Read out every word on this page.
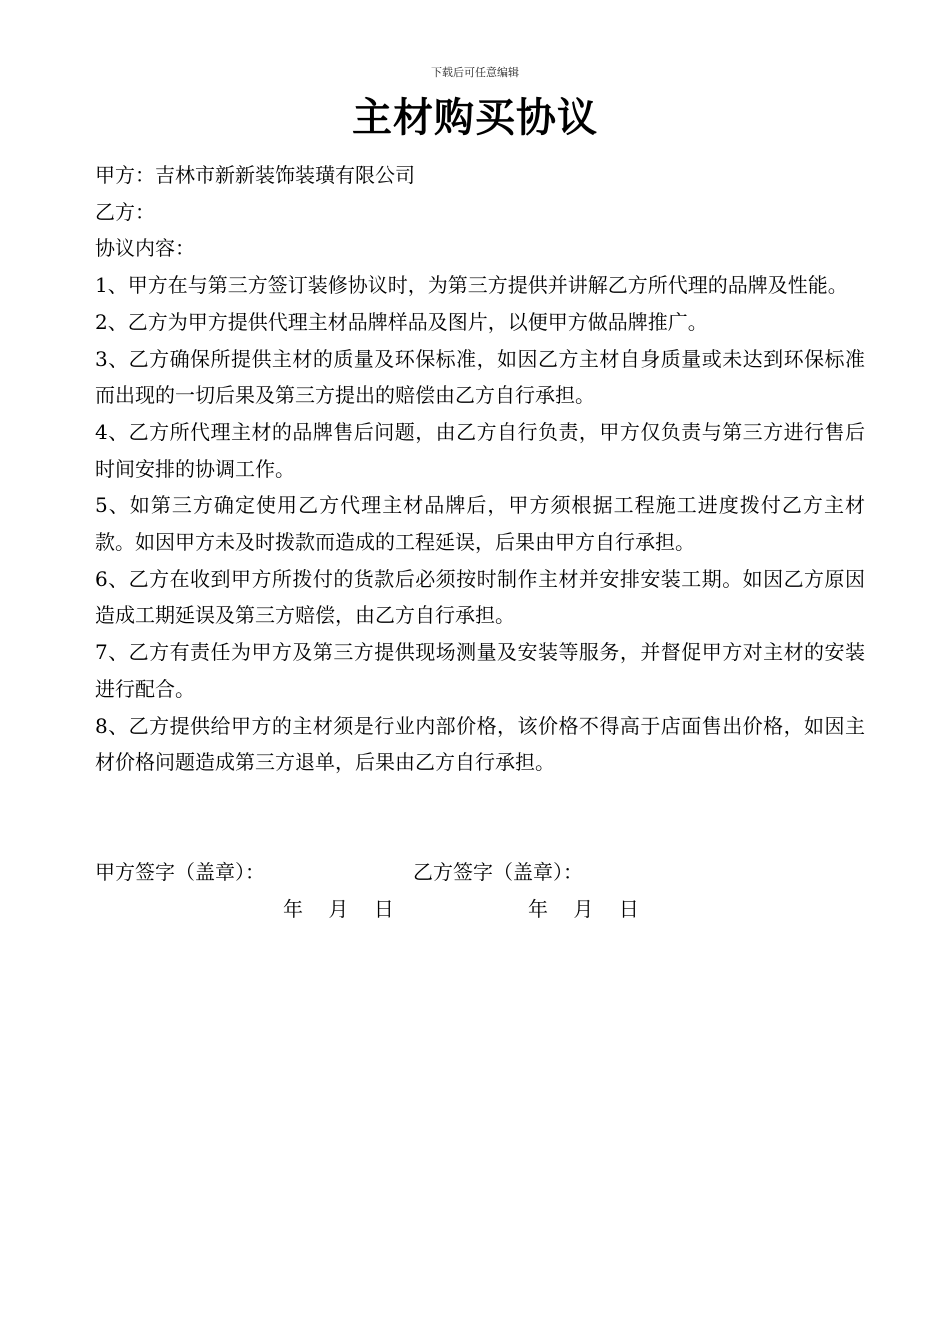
下载后可任意编辑
主材购买协议

甲方：吉林市新新装饰装璜有限公司

乙方：

协议内容：

1、甲方在与第三方签订装修协议时，为第三方提供并讲解乙方所代理的品牌及性能。

2、乙方为甲方提供代理主材品牌样品及图片，以便甲方做品牌推广。

3、乙方确保所提供主材的质量及环保标准，如因乙方主材自身质量或未达到环保标准而出现的一切后果及第三方提出的赔偿由乙方自行承担。

4、乙方所代理主材的品牌售后问题，由乙方自行负责，甲方仅负责与第三方进行售后时间安排的协调工作。

5、如第三方确定使用乙方代理主材品牌后，甲方须根据工程施工进度拨付乙方主材款。如因甲方未及时拨款而造成的工程延误，后果由甲方自行承担。

6、乙方在收到甲方所拨付的货款后必须按时制作主材并安排安装工期。如因乙方原因造成工期延误及第三方赔偿，由乙方自行承担。

7、乙方有责任为甲方及第三方提供现场测量及安装等服务，并督促甲方对主材的安装进行配合。

8、乙方提供给甲方的主材须是行业内部价格，该价格不得高于店面售出价格，如因主材价格问题造成第三方退单，后果由乙方自行承担。

甲方签字（盖章）：

	乙方签字（盖章）：

年    月    日

	年    月    日
